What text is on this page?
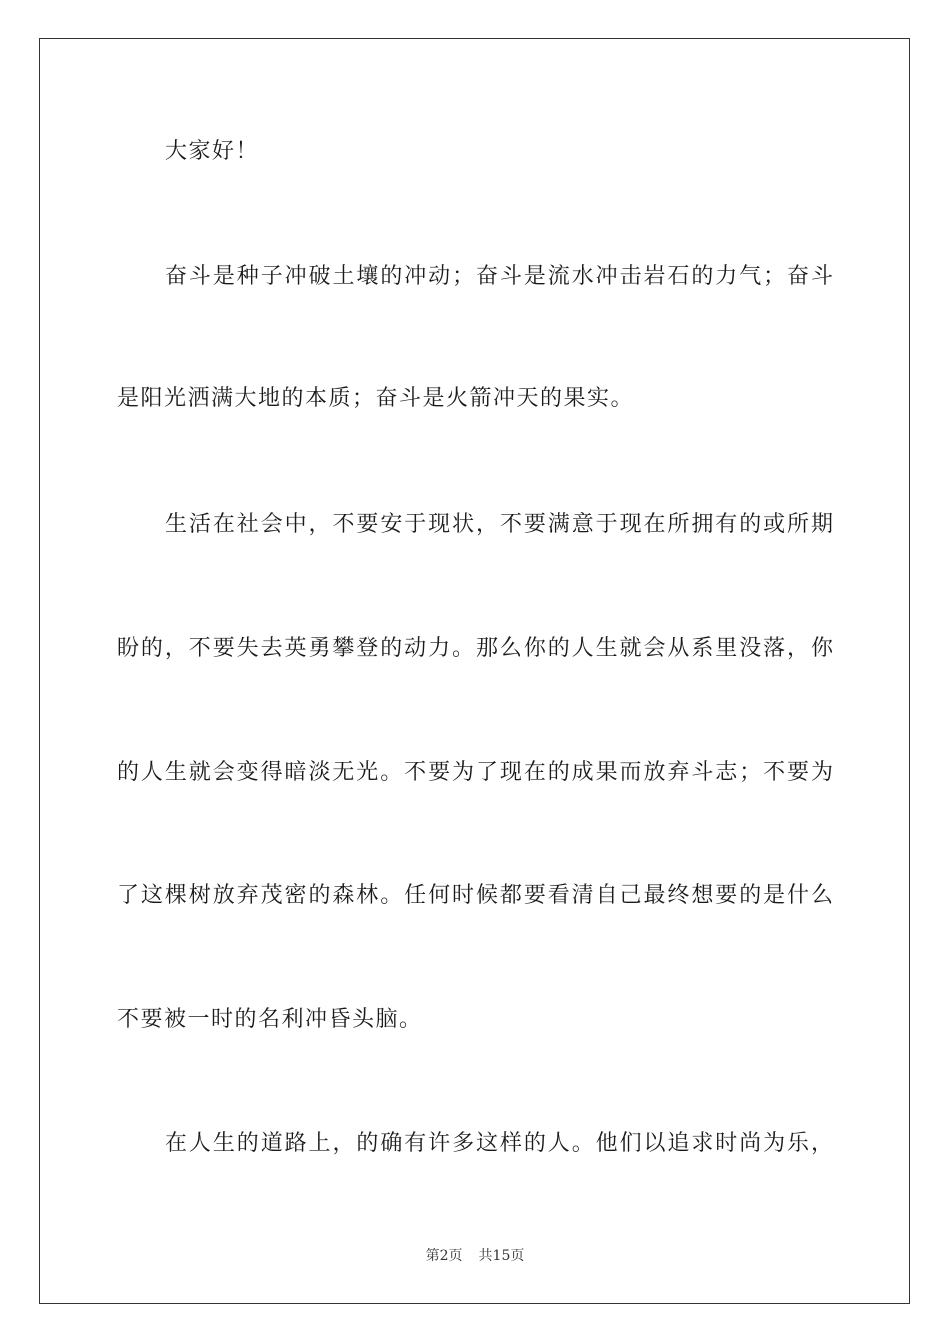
大家好！
奋斗是种子冲破土壤的冲动；奋斗是流水冲击岩石的力气；奋斗
是阳光洒满大地的本质；奋斗是火箭冲天的果实。
生活在社会中，不要安于现状，不要满意于现在所拥有的或所期
盼的，不要失去英勇攀登的动力。那么你的人生就会从系里没落，你
的人生就会变得暗淡无光。不要为了现在的成果而放弃斗志；不要为
了这棵树放弃茂密的森林。任何时候都要看清自己最终想要的是什么
不要被一时的名利冲昏头脑。
在人生的道路上，的确有许多这样的人。他们以追求时尚为乐，
第2页 共15页
